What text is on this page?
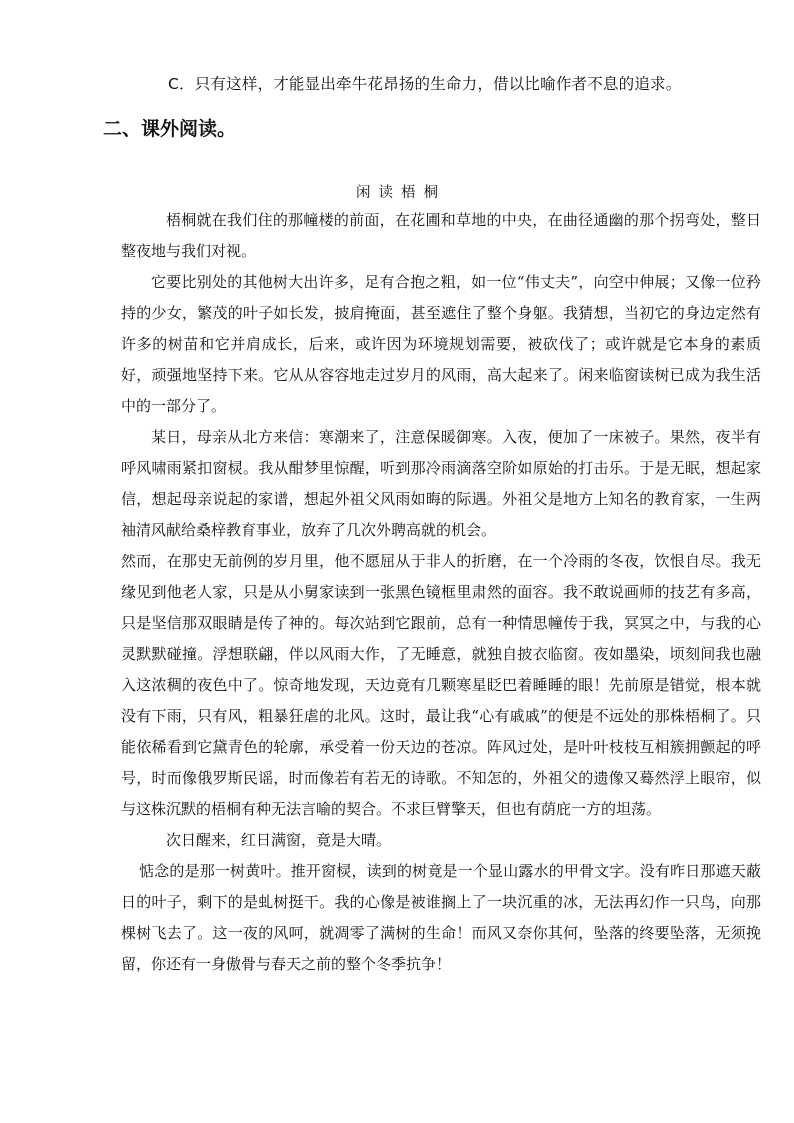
C．只有这样，才能显出牵牛花昂扬的生命力，借以比喻作者不息的追求。
二、课外阅读。
闲读梧桐

梧桐就在我们住的那幢楼的前面，在花圃和草地的中央，在曲径通幽的那个拐弯处，整日整夜地与我们对视。

它要比别处的其他树大出许多，足有合抱之粗，如一位“伟丈夫”，向空中伸展；又像一位矜持的少女，繁茂的叶子如长发，披肩掩面，甚至遮住了整个身躯。我猜想，当初它的身边定然有许多的树苗和它并肩成长，后来，或许因为环境规划需要，被砍伐了；或许就是它本身的素质好，顽强地坚持下来。它从从容容地走过岁月的风雨，高大起来了。闲来临窗读树已成为我生活中的一部分了。

某日，母亲从北方来信：寒潮来了，注意保暖御寒。入夜，便加了一床被子。果然，夜半有呼风啸雨紧扣窗棂。我从酣梦里惊醒，听到那冷雨滴落空阶如原始的打击乐。于是无眠，想起家信，想起母亲说起的家谱，想起外祖父风雨如晦的际遇。外祖父是地方上知名的教育家，一生两袖清风献给桑梓教育事业，放弃了几次外聘高就的机会。

然而，在那史无前例的岁月里，他不愿屈从于非人的折磨，在一个冷雨的冬夜，饮恨自尽。我无缘见到他老人家，只是从小舅家读到一张黑色镜框里肃然的面容。我不敢说画师的技艺有多高，只是坚信那双眼睛是传了神的。每次站到它跟前，总有一种情思幢传于我，冥冥之中，与我的心灵默默碰撞。浮想联翩，伴以风雨大作，了无睡意，就独自披衣临窗。夜如墨染，顷刻间我也融入这浓稠的夜色中了。惊奇地发现，天边竟有几颗寒星眨巴着睡睡的眼！先前原是错觉，根本就没有下雨，只有风，粗暴狂虐的北风。这时，最让我“心有戚戚”的便是不远处的那株梧桐了。只能依稀看到它黛青色的轮廓，承受着一份天边的苍凉。阵风过处，是叶叶枝枝互相簇拥颤起的呼号，时而像俄罗斯民谣，时而像若有若无的诗歌。不知怎的，外祖父的遗像又蓦然浮上眼帘，似与这株沉默的梧桐有种无法言喻的契合。不求巨臂擎天，但也有荫庇一方的坦荡。

次日醒来，红日满窗，竟是大晴。

惦念的是那一树黄叶。推开窗棂，读到的树竟是一个显山露水的甲骨文字。没有昨日那遮天蔽日的叶子，剩下的是虬树挺干。我的心像是被谁搁上了一块沉重的冰，无法再幻作一只鸟，向那棵树飞去了。这一夜的风呵，就凋零了满树的生命！而风又奈你其何，坠落的终要坠落，无须挽留，你还有一身傲骨与春天之前的整个冬季抗争！
